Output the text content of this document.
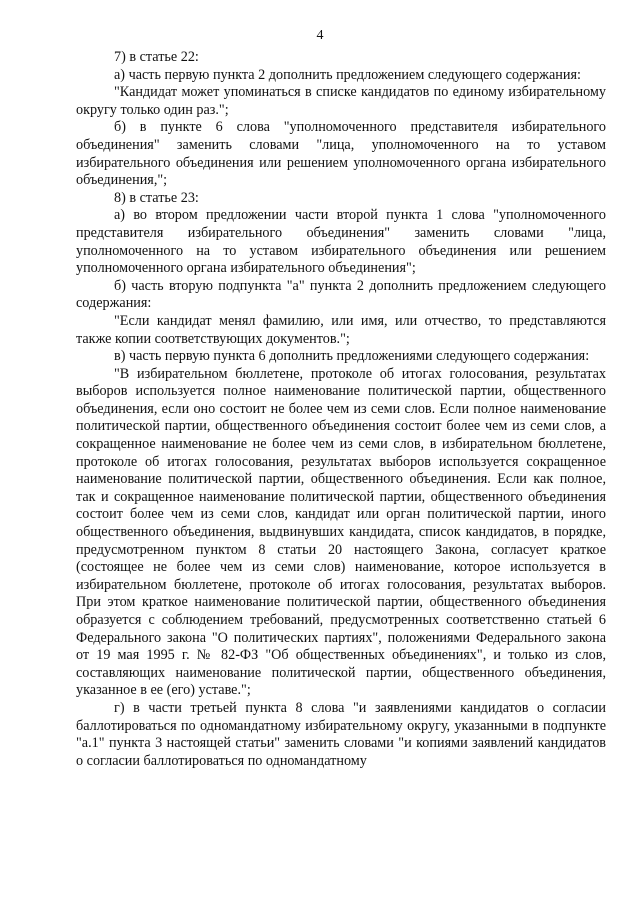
4

7) в статье 22:

а) часть первую пункта 2 дополнить предложением следующего содержания:

"Кандидат может упоминаться в списке кандидатов по единому избирательному округу только один раз.";

б) в пункте 6 слова "уполномоченного представителя избирательного объединения" заменить словами "лица, уполномоченного на то уставом избирательного объединения или решением уполномоченного органа избирательного объединения,";

8) в статье 23:

а) во втором предложении части второй пункта 1 слова "уполномоченного представителя избирательного объединения" заменить словами "лица, уполномоченного на то уставом избирательного объединения или решением уполномоченного органа избирательного объединения";

б) часть вторую подпункта "а" пункта 2 дополнить предложением следующего содержания:

"Если кандидат менял фамилию, или имя, или отчество, то представляются также копии соответствующих документов.";

в) часть первую пункта 6 дополнить предложениями следующего содержания:

"В избирательном бюллетене, протоколе об итогах голосования, результатах выборов используется полное наименование политической партии, общественного объединения, если оно состоит не более чем из семи слов. Если полное наименование политической партии, общественного объединения состоит более чем из семи слов, а сокращенное наименование не более чем из семи слов, в избирательном бюллетене, протоколе об итогах голосования, результатах выборов используется сокращенное наименование политической партии, общественного объединения. Если как полное, так и сокращенное наименование политической партии, общественного объединения состоит более чем из семи слов, кандидат или орган политической партии, иного общественного объединения, выдвинувших кандидата, список кандидатов, в порядке, предусмотренном пунктом 8 статьи 20 настоящего Закона, согласует краткое (состоящее не более чем из семи слов) наименование, которое используется в избирательном бюллетене, протоколе об итогах голосования, результатах выборов. При этом краткое наименование политической партии, общественного объединения образуется с соблюдением требований, предусмотренных соответственно статьей 6 Федерального закона "О политических партиях", положениями Федерального закона от 19 мая 1995 г. № 82-ФЗ "Об общественных объединениях", и только из слов, составляющих наименование политической партии, общественного объединения, указанное в ее (его) уставе.";

г) в части третьей пункта 8 слова "и заявлениями кандидатов о согласии баллотироваться по одномандатному избирательному округу, указанными в подпункте "а.1" пункта 3 настоящей статьи" заменить словами "и копиями заявлений кандидатов о согласии баллотироваться по одномандатному
